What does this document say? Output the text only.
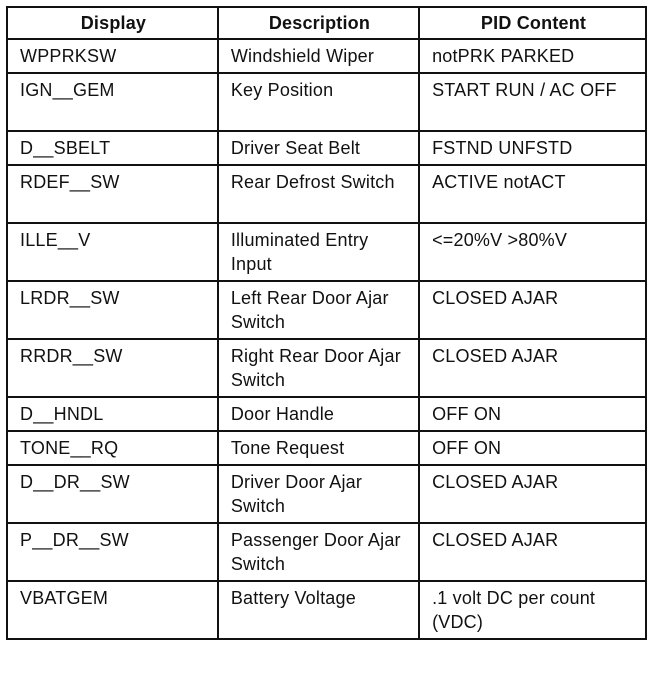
Display	Description	PID Content
WPPRKSW	Windshield Wiper	notPRK PARKED
IGN__GEM	Key Position	START RUN / AC OFF
D__SBELT	Driver Seat Belt	FSTND UNFSTD
RDEF__SW	Rear Defrost Switch	ACTIVE notACT
ILLE__V	Illuminated Entry Input	<=20%V >80%V
LRDR__SW	Left Rear Door Ajar Switch	CLOSED AJAR
RRDR__SW	Right Rear Door Ajar Switch	CLOSED AJAR
D__HNDL	Door Handle	OFF ON
TONE__RQ	Tone Request	OFF ON
D__DR__SW	Driver Door Ajar Switch	CLOSED AJAR
P__DR__SW	Passenger Door Ajar Switch	CLOSED AJAR
VBATGEM	Battery Voltage	.1 volt DC per count (VDC)
